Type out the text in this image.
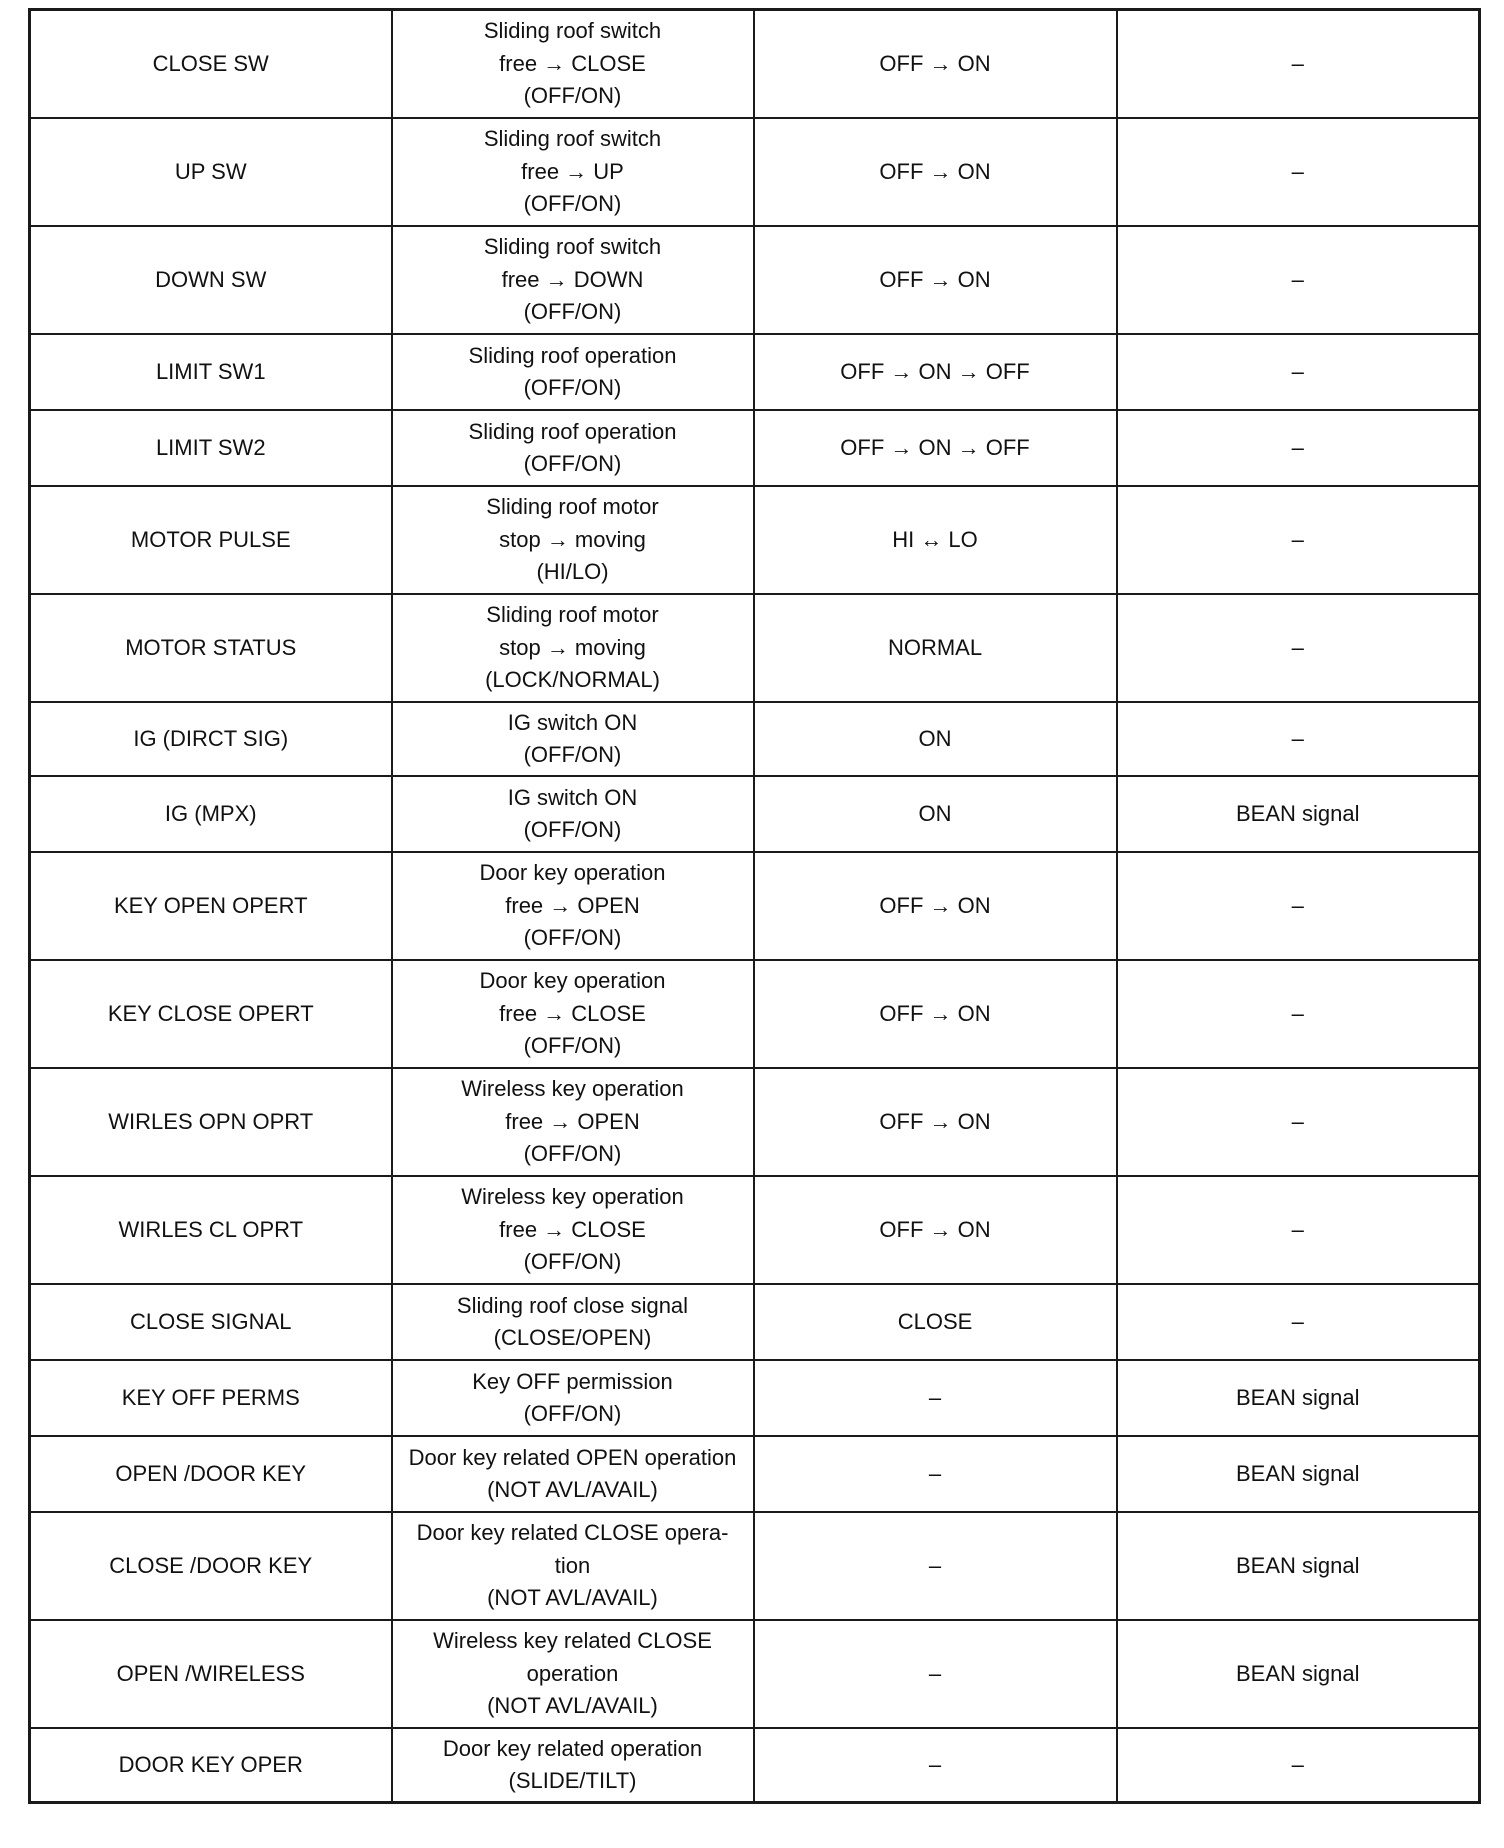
CLOSE SW	Sliding roof switch
free → CLOSE
(OFF/ON)	OFF → ON	–
UP SW	Sliding roof switch
free → UP
(OFF/ON)	OFF → ON	–
DOWN SW	Sliding roof switch
free → DOWN
(OFF/ON)	OFF → ON	–
LIMIT SW1	Sliding roof operation
(OFF/ON)	OFF → ON → OFF	–
LIMIT SW2	Sliding roof operation
(OFF/ON)	OFF → ON → OFF	–
MOTOR PULSE	Sliding roof motor
stop → moving
(HI/LO)	HI ↔ LO	–
MOTOR STATUS	Sliding roof motor
stop → moving
(LOCK/NORMAL)	NORMAL	–
IG (DIRCT SIG)	IG switch ON
(OFF/ON)	ON	–
IG (MPX)	IG switch ON
(OFF/ON)	ON	BEAN signal
KEY OPEN OPERT	Door key operation
free → OPEN
(OFF/ON)	OFF → ON	–
KEY CLOSE OPERT	Door key operation
free → CLOSE
(OFF/ON)	OFF → ON	–
WIRLES OPN OPRT	Wireless key operation
free → OPEN
(OFF/ON)	OFF → ON	–
WIRLES CL OPRT	Wireless key operation
free → CLOSE
(OFF/ON)	OFF → ON	–
CLOSE SIGNAL	Sliding roof close signal
(CLOSE/OPEN)	CLOSE	–
KEY OFF PERMS	Key OFF permission
(OFF/ON)	–	BEAN signal
OPEN /DOOR KEY	Door key related OPEN operation
(NOT AVL/AVAIL)	–	BEAN signal
CLOSE /DOOR KEY	Door key related CLOSE opera-
tion
(NOT AVL/AVAIL)	–	BEAN signal
OPEN /WIRELESS	Wireless key related CLOSE
operation
(NOT AVL/AVAIL)	–	BEAN signal
DOOR KEY OPER	Door key related operation
(SLIDE/TILT)	–	–
